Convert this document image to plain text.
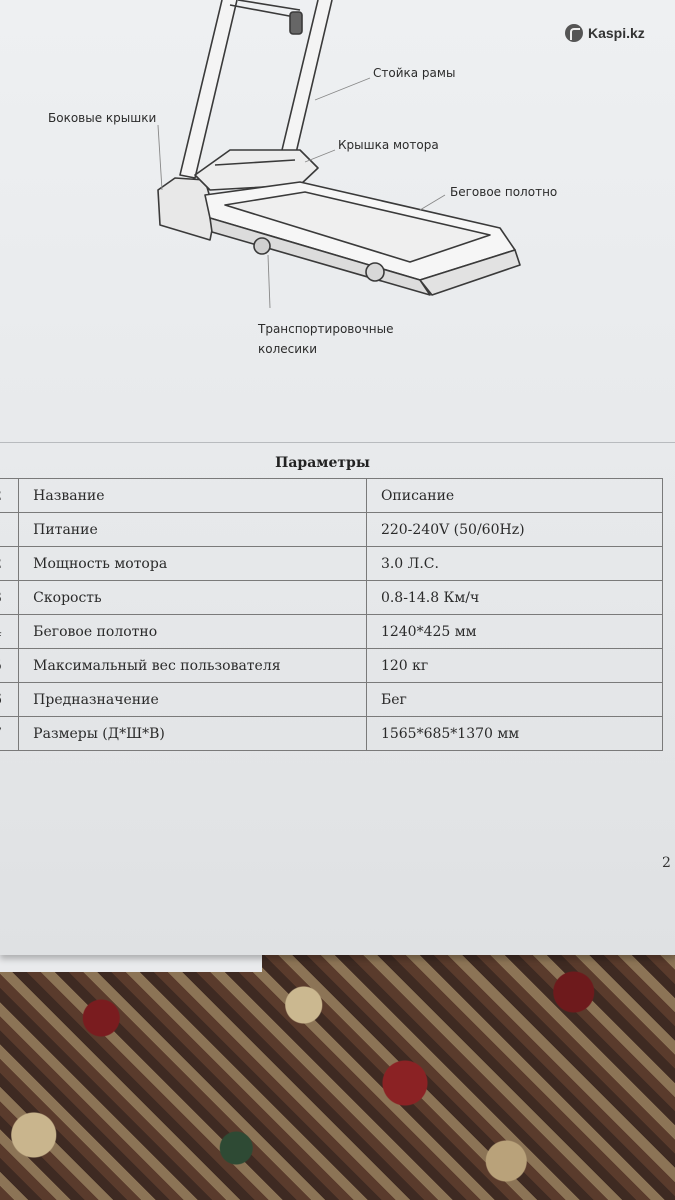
Kaspi.kz
Стойка рамы
Боковые крышки
Крышка мотора
Беговое полотно
Транспортировочные
колесики
Параметры
	Название	Описание
	Питание	220-240V (50/60Hz)
	Мощность мотора	3.0 Л.С.
	Скорость	0.8-14.8 Км/ч
	Беговое полотно	1240*425 мм
	Максимальный вес пользователя	120 кг
	Предназначение	Бег
	Размеры (Д*Ш*В)	1565*685*1370 мм
2
